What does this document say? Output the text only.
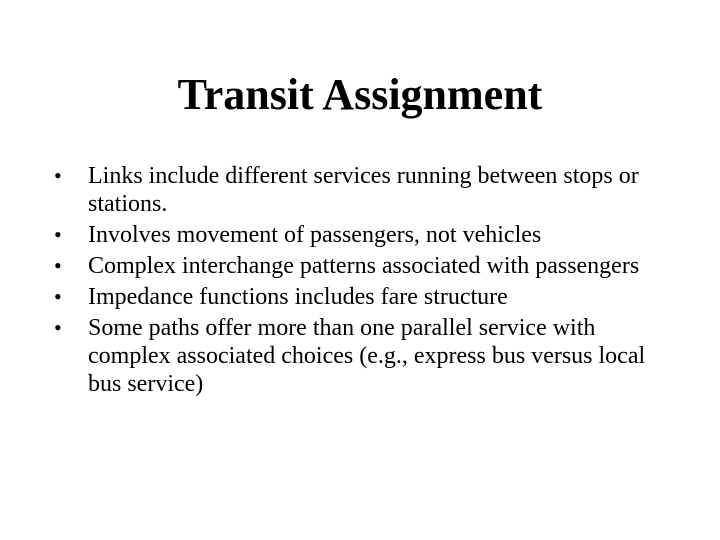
Transit Assignment
•	Links include different services running between stops or stations.
•	Involves movement of passengers, not vehicles
•	Complex interchange patterns associated with passengers
•	Impedance functions includes fare structure
•	Some paths offer more than one parallel service with complex associated choices (e.g., express bus versus local bus service)
